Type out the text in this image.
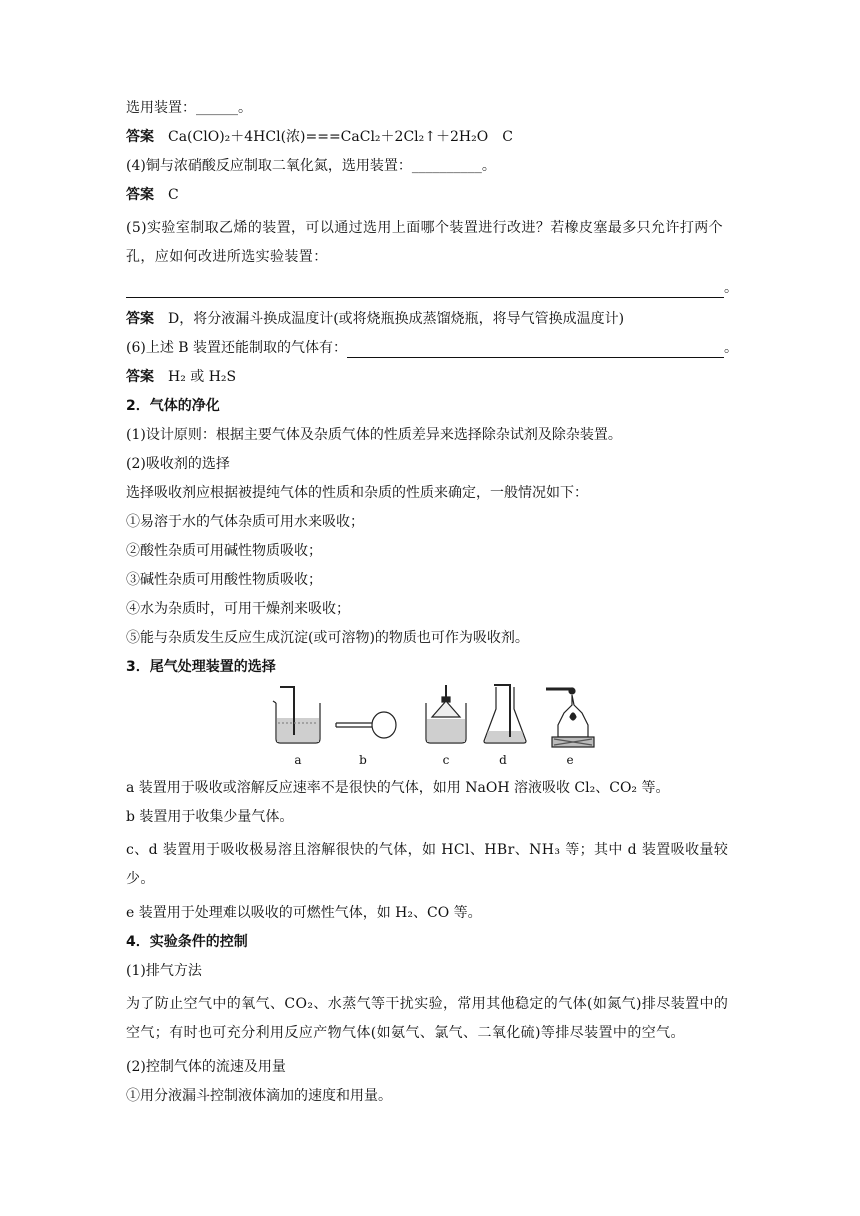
选用装置：______。

答案 Ca(ClO)₂＋4HCl(浓)===CaCl₂＋2Cl₂↑＋2H₂O　C

(4)铜与浓硝酸反应制取二氧化氮，选用装置：__________。

答案 C

(5)实验室制取乙烯的装置，可以通过选用上面哪个装置进行改进？若橡皮塞最多只允许打两个孔，应如何改进所选实验装置：

。

答案 D，将分液漏斗换成温度计(或将烧瓶换成蒸馏烧瓶，将导气管换成温度计)

(6)上述 B 装置还能制取的气体有：	。

答案 H₂ 或 H₂S

2．气体的净化

(1)设计原则：根据主要气体及杂质气体的性质差异来选择除杂试剂及除杂装置。

(2)吸收剂的选择

选择吸收剂应根据被提纯气体的性质和杂质的性质来确定，一般情况如下：

①易溶于水的气体杂质可用水来吸收；

②酸性杂质可用碱性物质吸收；

③碱性杂质可用酸性物质吸收；

④水为杂质时，可用干燥剂来吸收；

⑤能与杂质发生反应生成沉淀(或可溶物)的物质也可作为吸收剂。

3．尾气处理装置的选择

a	b	c	d	e

a 装置用于吸收或溶解反应速率不是很快的气体，如用 NaOH 溶液吸收 Cl₂、CO₂ 等。

b 装置用于收集少量气体。

c、d 装置用于吸收极易溶且溶解很快的气体，如 HCl、HBr、NH₃ 等；其中 d 装置吸收量较少。

e 装置用于处理难以吸收的可燃性气体，如 H₂、CO 等。

4．实验条件的控制

(1)排气方法

为了防止空气中的氧气、CO₂、水蒸气等干扰实验，常用其他稳定的气体(如氮气)排尽装置中的空气；有时也可充分利用反应产物气体(如氨气、氯气、二氧化硫)等排尽装置中的空气。

(2)控制气体的流速及用量

①用分液漏斗控制液体滴加的速度和用量。
